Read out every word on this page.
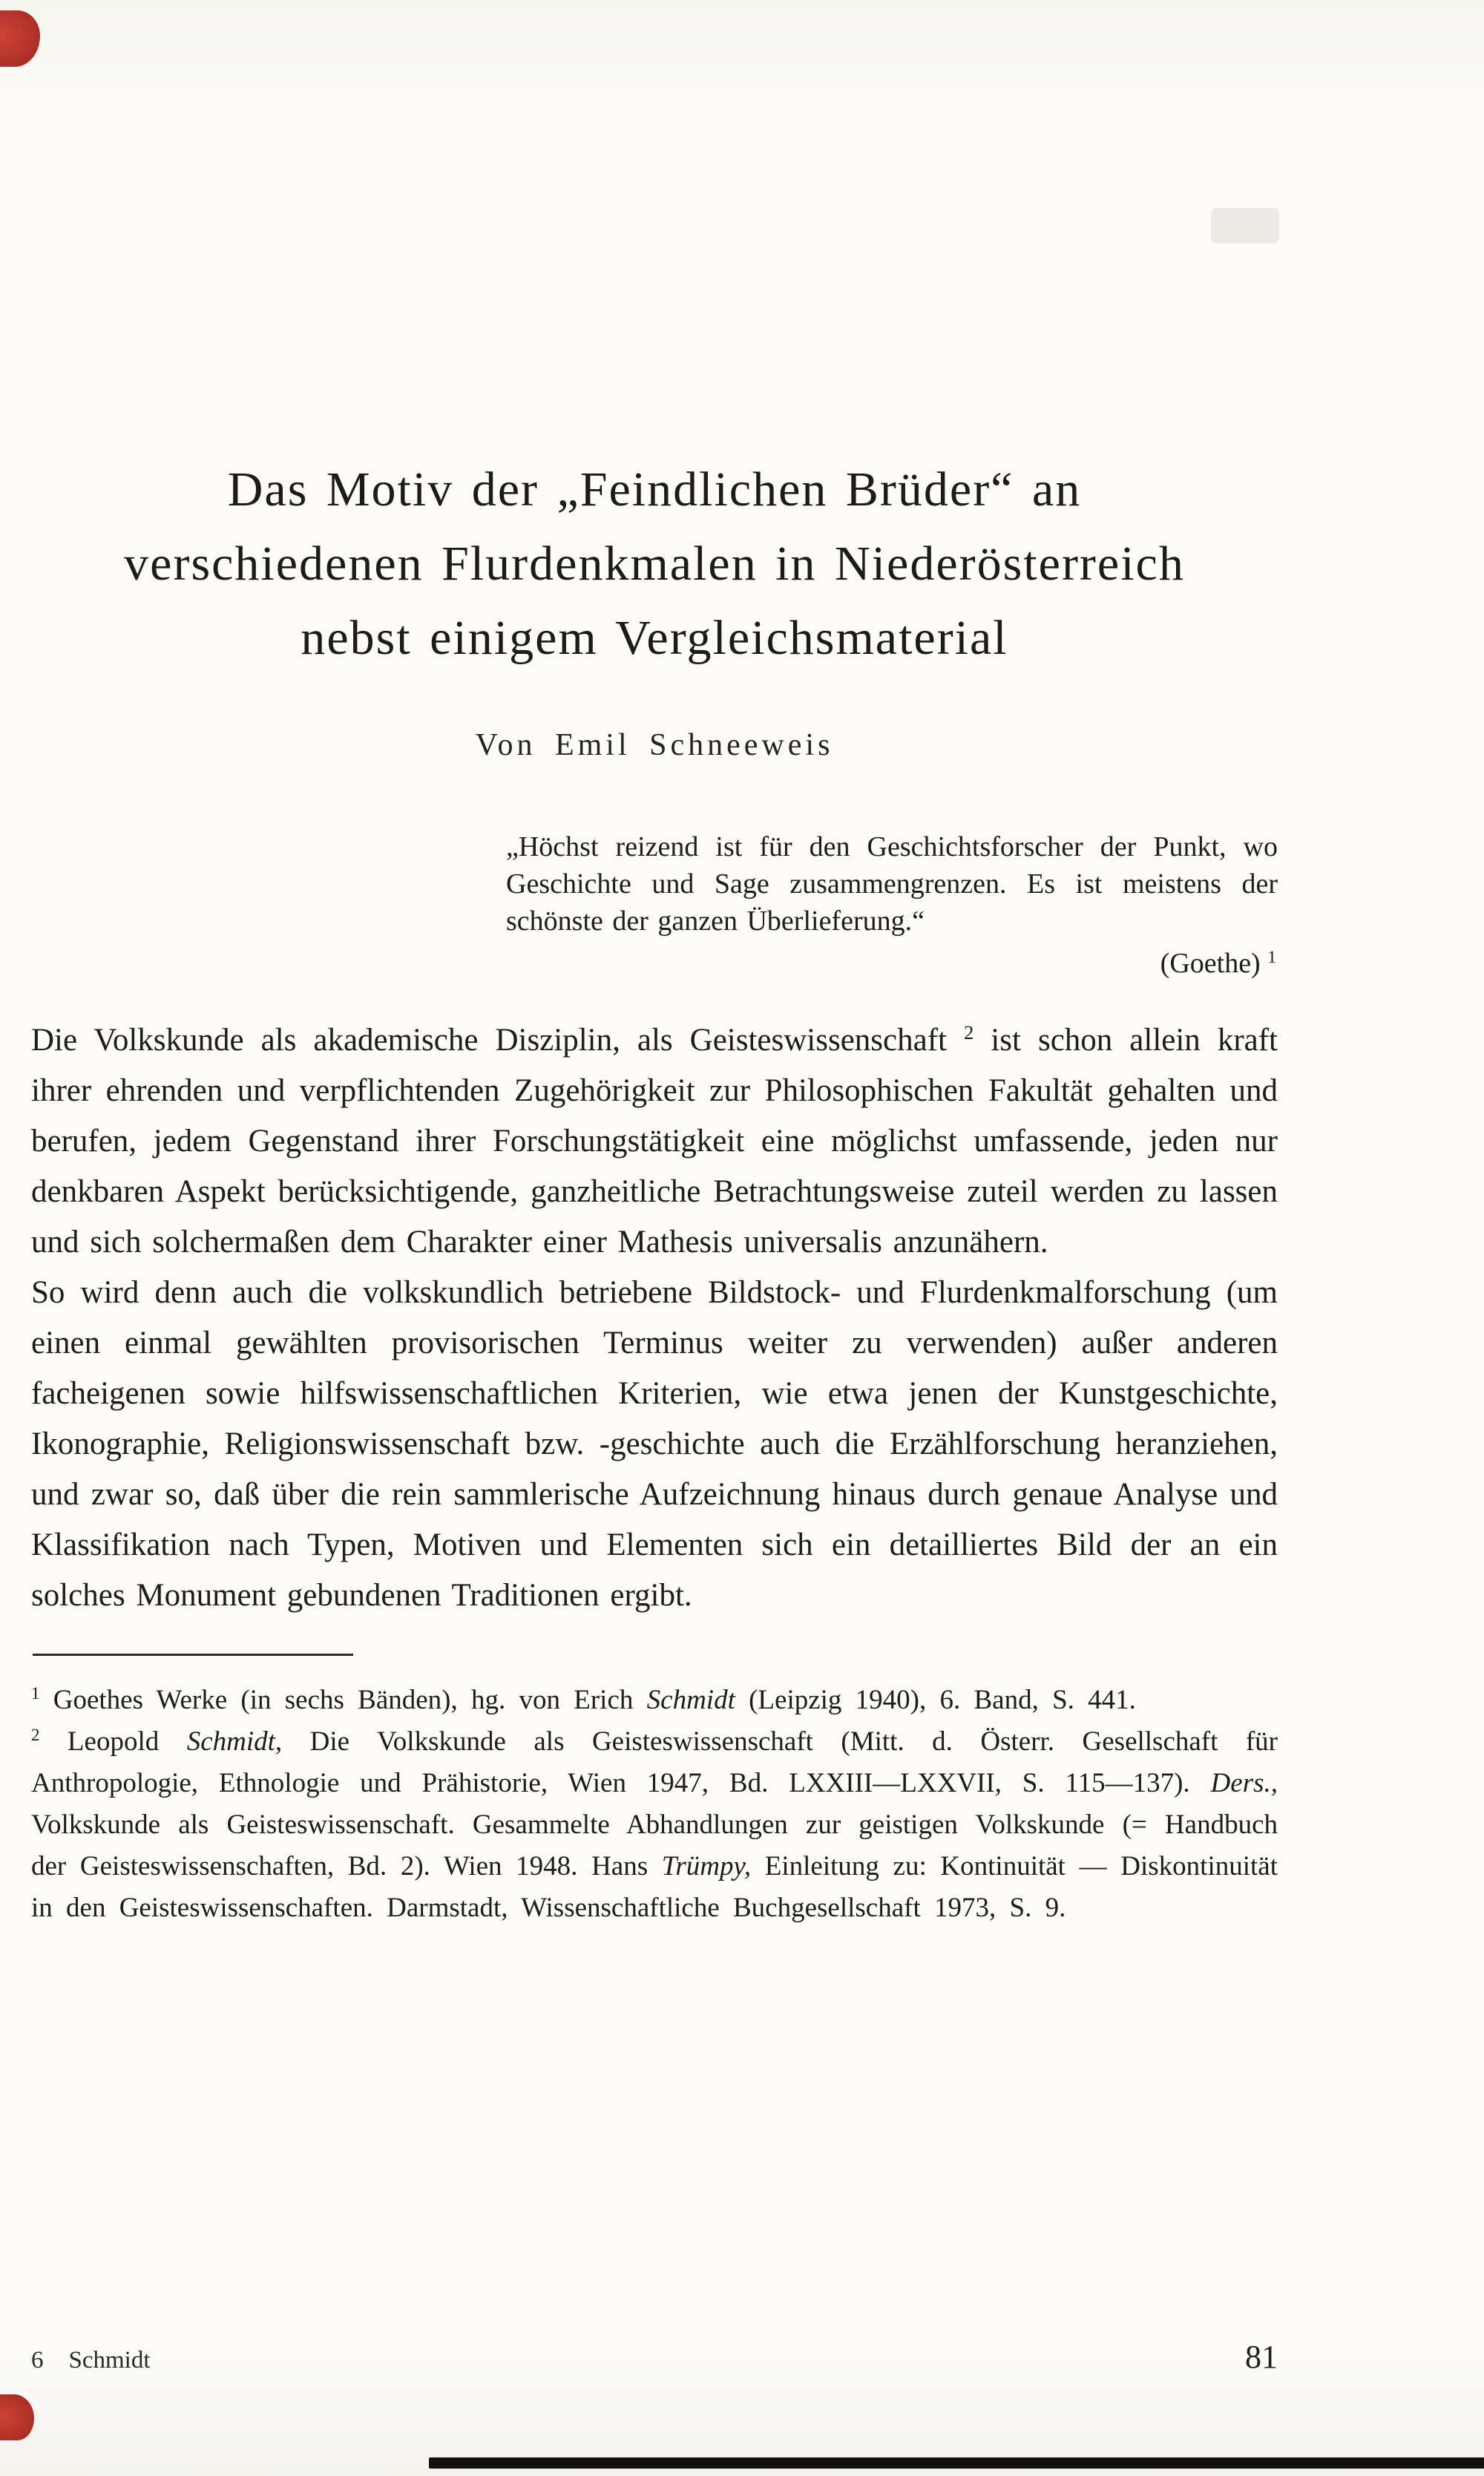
Das Motiv der „Feindlichen Brüder“ an
verschiedenen Flurdenkmalen in Niederösterreich
nebst einigem Vergleichsmaterial

Von Emil Schneeweis

„Höchst reizend ist für den Geschichtsforscher der Punkt, wo Geschichte und Sage zusammengrenzen. Es ist meistens der schönste der ganzen Überlieferung.“

(Goethe) $^1$

Die Volkskunde als akademische Disziplin, als Geisteswissenschaft $^2$ ist schon allein kraft ihrer ehrenden und verpflichtenden Zugehörigkeit zur Philosophischen Fakultät gehalten und berufen, jedem Gegenstand ihrer Forschungstätigkeit eine möglichst umfassende, jeden nur denkbaren Aspekt berücksichtigende, ganzheitliche Betrachtungsweise zuteil werden zu lassen und sich solchermaßen dem Charakter einer Mathesis universalis anzunähern.

So wird denn auch die volkskundlich betriebene Bildstock- und Flurdenkmalforschung (um einen einmal gewählten provisorischen Terminus weiter zu verwenden) außer anderen facheigenen sowie hilfswissenschaftlichen Kriterien, wie etwa jenen der Kunstgeschichte, Ikonographie, Religionswissenschaft bzw. -geschichte auch die Erzählforschung heranziehen, und zwar so, daß über die rein sammlerische Aufzeichnung hinaus durch genaue Analyse und Klassifikation nach Typen, Motiven und Elementen sich ein detailliertes Bild der an ein solches Monument gebundenen Traditionen ergibt.

$^1$ Goethes Werke (in sechs Bänden), hg. von Erich Schmidt (Leipzig 1940), 6. Band, S. 441.

$^2$ Leopold Schmidt, Die Volkskunde als Geisteswissenschaft (Mitt. d. Österr. Gesellschaft für Anthropologie, Ethnologie und Prähistorie, Wien 1947, Bd. LXXIII—LXXVII, S. 115—137). Ders., Volkskunde als Geisteswissenschaft. Gesammelte Abhandlungen zur geistigen Volkskunde (= Handbuch der Geisteswissenschaften, Bd. 2). Wien 1948. Hans Trümpy, Einleitung zu: Kontinuität — Diskontinuität in den Geisteswissenschaften. Darmstadt, Wissenschaftliche Buchgesellschaft 1973, S. 9.

6 Schmidt	81
